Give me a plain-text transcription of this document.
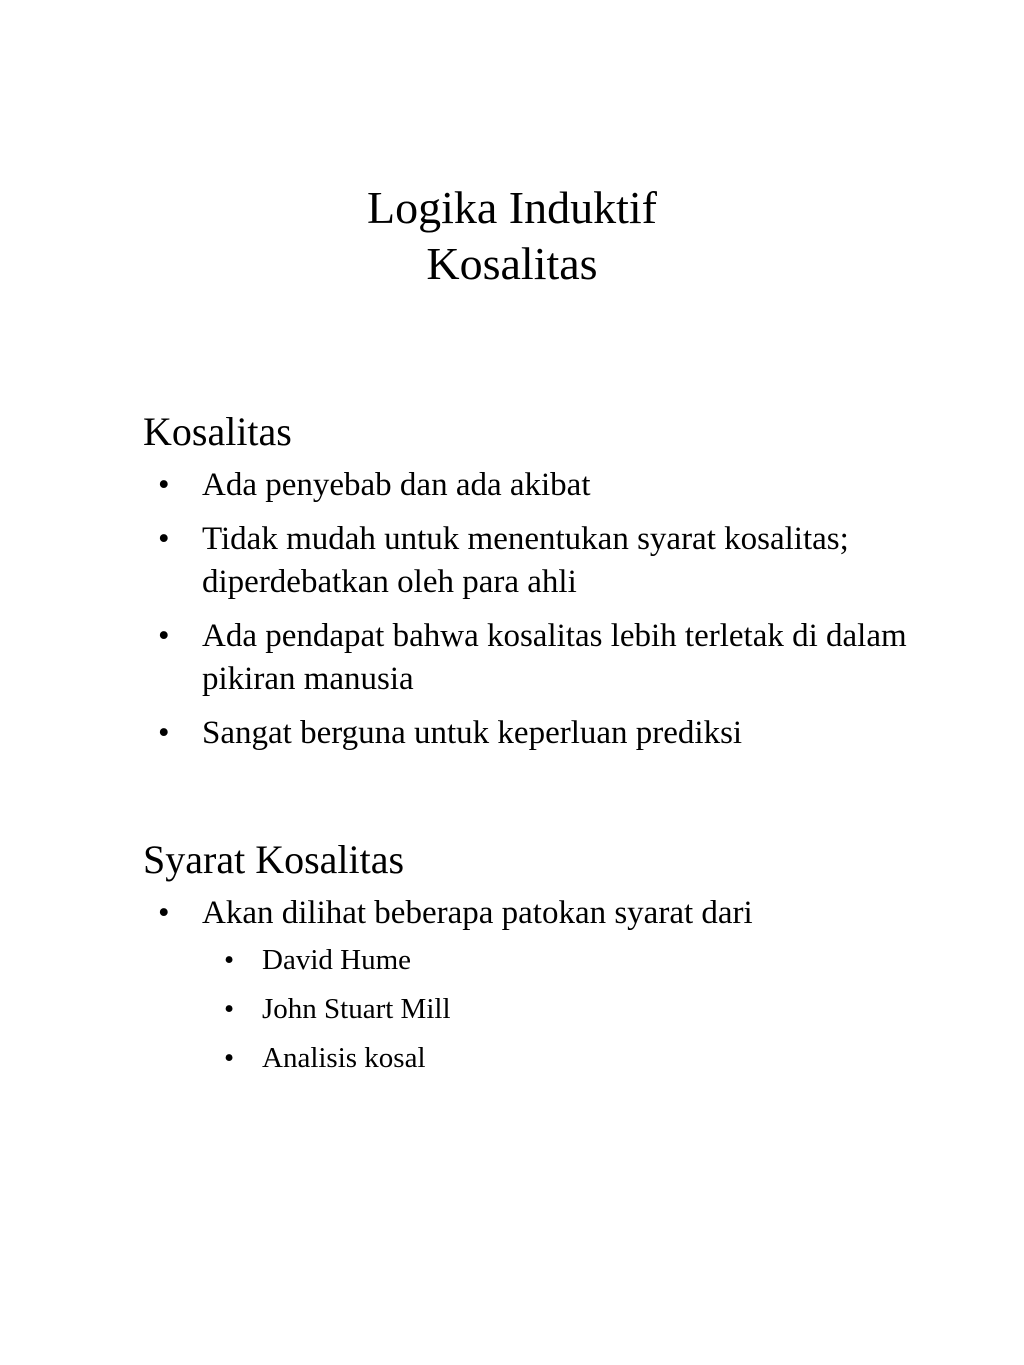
Logika Induktif
Kosalitas
Kosalitas
• Ada penyebab dan ada akibat
• Tidak mudah untuk menentukan syarat kosalitas; diperdebatkan oleh para ahli
• Ada pendapat bahwa kosalitas lebih terletak di dalam pikiran manusia
• Sangat berguna untuk keperluan prediksi
Syarat Kosalitas
• Akan dilihat beberapa patokan syarat dari
• David Hume
• John Stuart Mill
• Analisis kosal
